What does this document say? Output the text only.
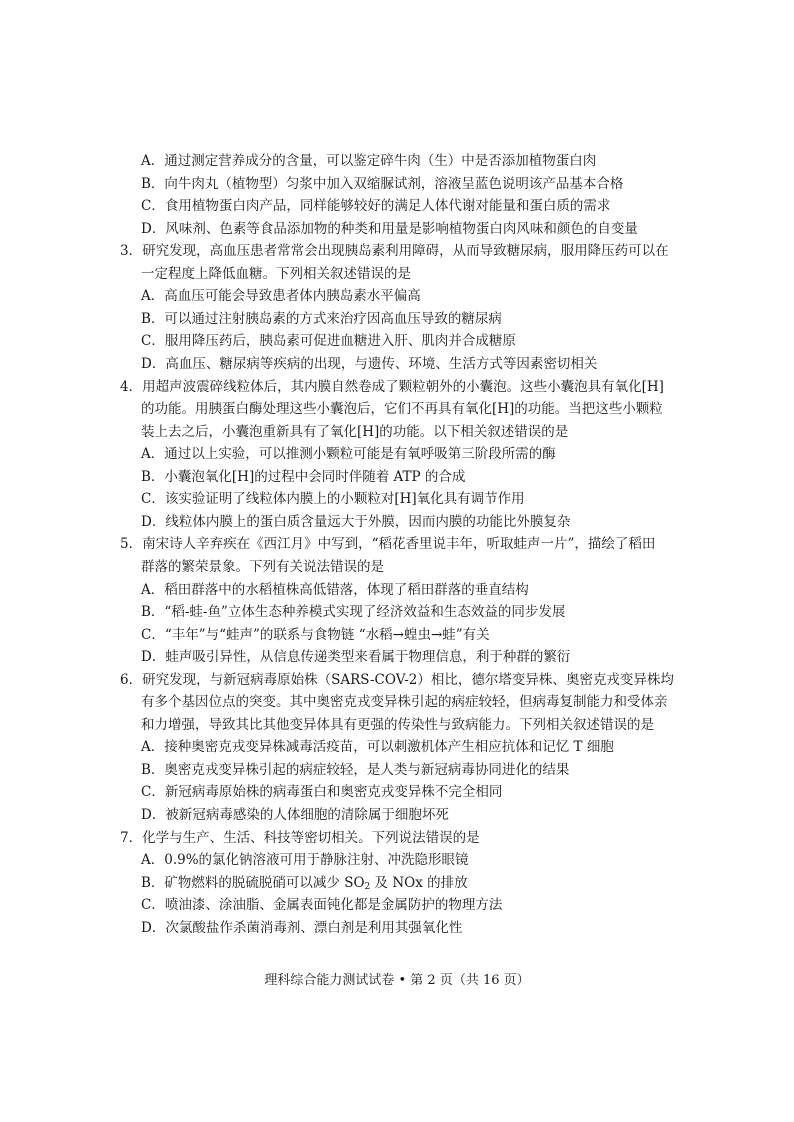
A．通过测定营养成分的含量，可以鉴定碎牛肉（生）中是否添加植物蛋白肉
B．向牛肉丸（植物型）匀浆中加入双缩脲试剂，溶液呈蓝色说明该产品基本合格
C．食用植物蛋白肉产品，同样能够较好的满足人体代谢对能量和蛋白质的需求
D．风味剂、色素等食品添加物的种类和用量是影响植物蛋白肉风味和颜色的自变量
3．研究发现，高血压患者常常会出现胰岛素利用障碍，从而导致糖尿病，服用降压药可以在
一定程度上降低血糖。下列相关叙述错误的是
A．高血压可能会导致患者体内胰岛素水平偏高
B．可以通过注射胰岛素的方式来治疗因高血压导致的糖尿病
C．服用降压药后，胰岛素可促进血糖进入肝、肌肉并合成糖原
D．高血压、糖尿病等疾病的出现，与遗传、环境、生活方式等因素密切相关
4．用超声波震碎线粒体后，其内膜自然卷成了颗粒朝外的小囊泡。这些小囊泡具有氧化[H]
的功能。用胰蛋白酶处理这些小囊泡后，它们不再具有氧化[H]的功能。当把这些小颗粒
装上去之后，小囊泡重新具有了氧化[H]的功能。以下相关叙述错误的是
A．通过以上实验，可以推测小颗粒可能是有氧呼吸第三阶段所需的酶
B．小囊泡氧化[H]的过程中会同时伴随着 ATP 的合成
C．该实验证明了线粒体内膜上的小颗粒对[H]氧化具有调节作用
D．线粒体内膜上的蛋白质含量远大于外膜，因而内膜的功能比外膜复杂
5．南宋诗人辛弃疾在《西江月》中写到，“稻花香里说丰年，听取蛙声一片”，描绘了稻田
群落的繁荣景象。下列有关说法错误的是
A．稻田群落中的水稻植株高低错落，体现了稻田群落的垂直结构
B．“稻-蛙-鱼”立体生态种养模式实现了经济效益和生态效益的同步发展
C．“丰年”与“蛙声”的联系与食物链 “水稻→蝗虫→蛙”有关
D．蛙声吸引异性，从信息传递类型来看属于物理信息，利于种群的繁衍
6．研究发现，与新冠病毒原始株（SARS-COV-2）相比，德尔塔变异株、奥密克戎变异株均
有多个基因位点的突变。其中奥密克戎变异株引起的病症较轻，但病毒复制能力和受体亲
和力增强，导致其比其他变异体具有更强的传染性与致病能力。下列相关叙述错误的是
A．接种奥密克戎变异株减毒活疫苗，可以刺激机体产生相应抗体和记忆 T 细胞
B．奥密克戎变异株引起的病症较轻，是人类与新冠病毒协同进化的结果
C．新冠病毒原始株的病毒蛋白和奥密克戎变异株不完全相同
D．被新冠病毒感染的人体细胞的清除属于细胞坏死
7．化学与生产、生活、科技等密切相关。下列说法错误的是
A．0.9%的氯化钠溶液可用于静脉注射、冲洗隐形眼镜
B．矿物燃料的脱硫脱硝可以减少 $SO_2$ 及 NOx 的排放
C．喷油漆、涂油脂、金属表面钝化都是金属防护的物理方法
D．次氯酸盐作杀菌消毒剂、漂白剂是利用其强氧化性
理科综合能力测试试卷 • 第 2 页（共 16 页）
